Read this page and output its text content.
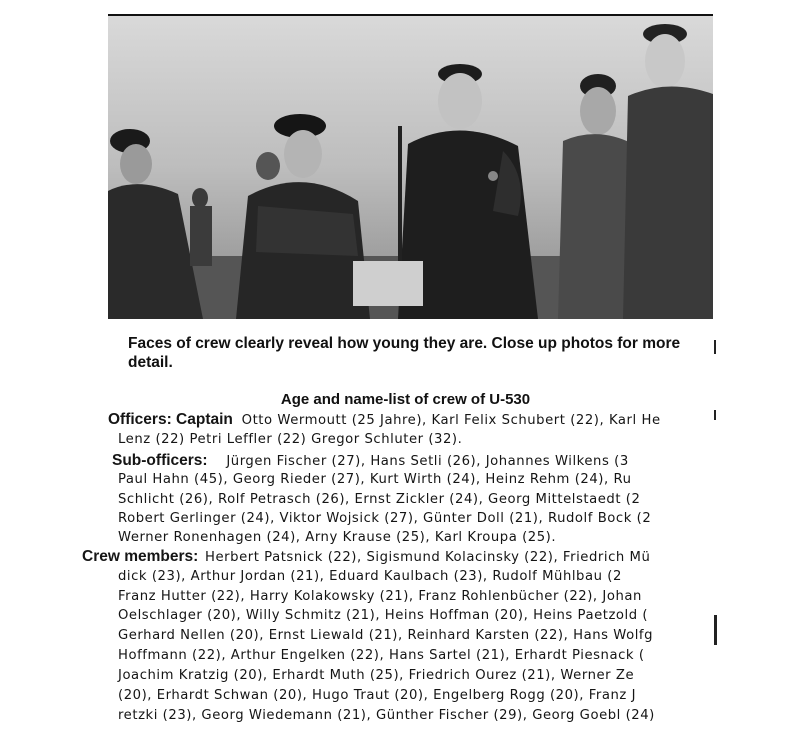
Faces of crew clearly reveal how young they are. Close up photos for more detail.
Age and name-list of crew of U-530
Officers: Captain Otto Wermoutt (25 Jahre), Karl Felix Schubert (22), Karl He
Lenz (22) Petri Leffler (22) Gregor Schluter (32).
Sub-officers: Jürgen Fischer (27), Hans Setli (26), Johannes Wilkens (3
Paul Hahn (45), Georg Rieder (27), Kurt Wirth (24), Heinz Rehm (24), Ru
Schlicht (26), Rolf Petrasch (26), Ernst Zickler (24), Georg Mittelstaedt (2
Robert Gerlinger (24), Viktor Wojsick (27), Günter Doll (21), Rudolf Bock (2
Werner Ronenhagen (24), Arny Krause (25), Karl Kroupa (25).
Crew members: Herbert Patsnick (22), Sigismund Kolacinsky (22), Friedrich Mü
dick (23), Arthur Jordan (21), Eduard Kaulbach (23), Rudolf Mühlbau (2
Franz Hutter (22), Harry Kolakowsky (21), Franz Rohlenbücher (22), Johan
Oelschlager (20), Willy Schmitz (21), Heins Hoffman (20), Heins Paetzold (
Gerhard Nellen (20), Ernst Liewald (21), Reinhard Karsten (22), Hans Wolfg
Hoffmann (22), Arthur Engelken (22), Hans Sartel (21), Erhardt Piesnack (
Joachim Kratzig (20), Erhardt Muth (25), Friedrich Ourez (21), Werner Ze
(20), Erhardt Schwan (20), Hugo Traut (20), Engelberg Rogg (20), Franz J
retzki (23), Georg Wiedemann (21), Günther Fischer (29), Georg Goebl (24)
